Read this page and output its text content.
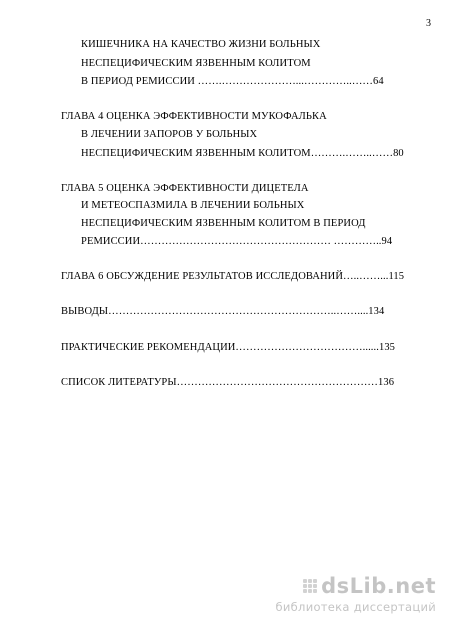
3
КИШЕЧНИКА НА КАЧЕСТВО ЖИЗНИ БОЛЬНЫХ
НЕСПЕЦИФИЧЕСКИМ ЯЗВЕННЫМ КОЛИТОМ
В ПЕРИОД РЕМИССИИ …….…………………...…………..……64
ГЛАВА 4 ОЦЕНКА ЭФФЕКТИВНОСТИ МУКОФАЛЬКА
В ЛЕЧЕНИИ ЗАПОРОВ У БОЛЬНЫХ
НЕСПЕЦИФИЧЕСКИМ ЯЗВЕННЫМ КОЛИТОМ……….……..……80
ГЛАВА 5 ОЦЕНКА ЭФФЕКТИВНОСТИ ДИЦЕТЕЛА
И МЕТЕОСПАЗМИЛА В ЛЕЧЕНИИ БОЛЬНЫХ
НЕСПЕЦИФИЧЕСКИМ ЯЗВЕННЫМ КОЛИТОМ В ПЕРИОД
РЕМИССИИ……………………………………………… …………..94
ГЛАВА 6 ОБСУЖДЕНИЕ РЕЗУЛЬТАТОВ ИССЛЕДОВАНИЙ…..……...115
ВЫВОДЫ………………………………………………………..……....134
ПРАКТИЧЕСКИЕ РЕКОМЕНДАЦИИ………………………………......135
СПИСОК ЛИТЕРАТУРЫ…………………………………………………136
dsLib.net
библиотека диссертаций
